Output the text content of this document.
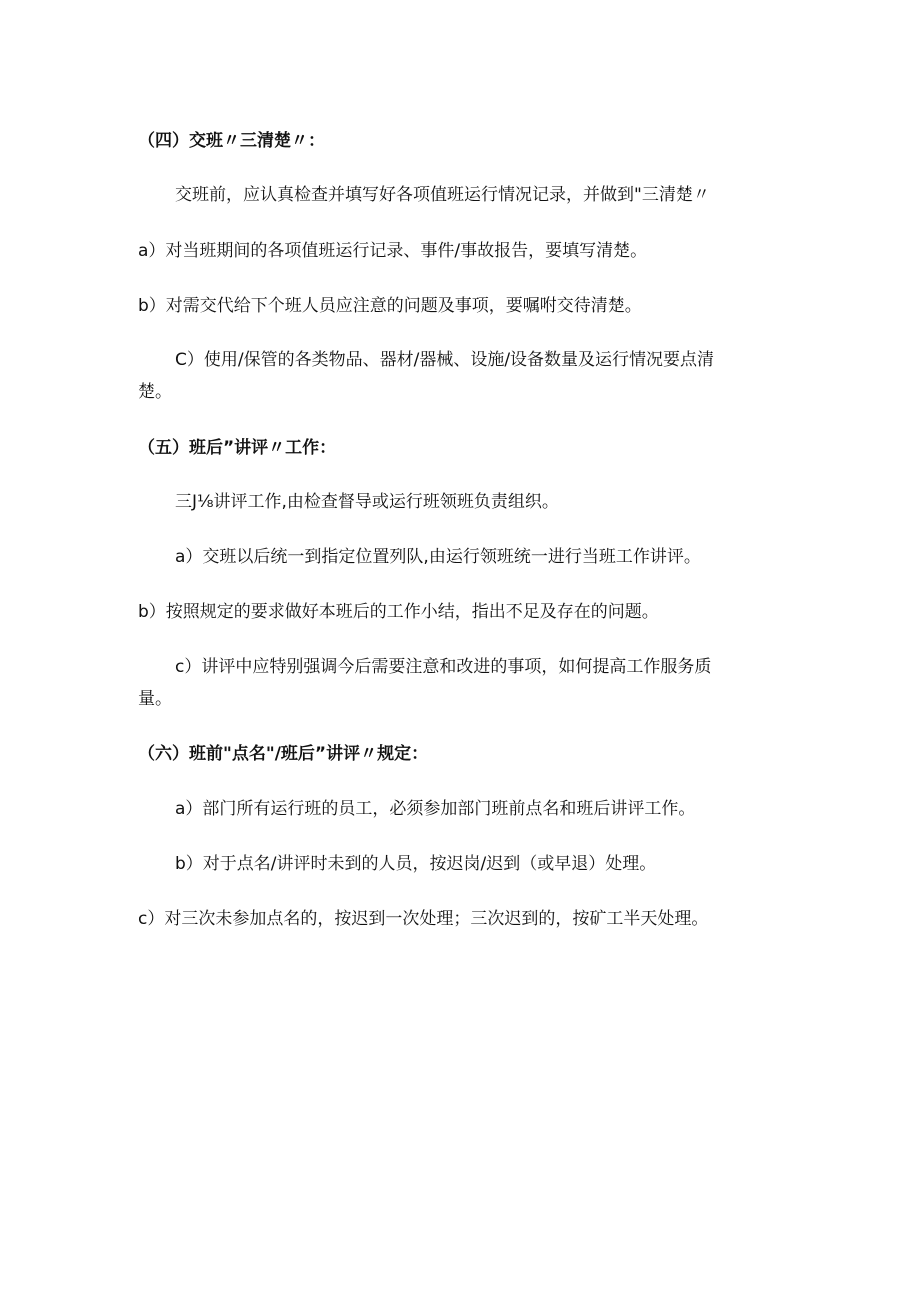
（四）交班〃三清楚〃：
交班前，应认真检查并填写好各项值班运行情况记录，并做到"三清楚〃
a）对当班期间的各项值班运行记录、事件/事故报告，要填写清楚。
b）对需交代给下个班人员应注意的问题及事项，要嘱咐交待清楚。
C）使用/保管的各类物品、器材/器械、设施/设备数量及运行情况要点清
楚。
（五）班后”讲评〃工作：
三J⅛讲评工作,由检查督导或运行班领班负责组织。
a）交班以后统一到指定位置列队,由运行领班统一进行当班工作讲评。
b）按照规定的要求做好本班后的工作小结，指出不足及存在的问题。
c）讲评中应特别强调今后需要注意和改进的事项，如何提高工作服务质
量。
（六）班前"点名"/班后”讲评〃规定：
a）部门所有运行班的员工，必须参加部门班前点名和班后讲评工作。
b）对于点名/讲评时未到的人员，按迟岗/迟到（或早退）处理。
c）对三次未参加点名的，按迟到一次处理；三次迟到的，按矿工半天处理。
